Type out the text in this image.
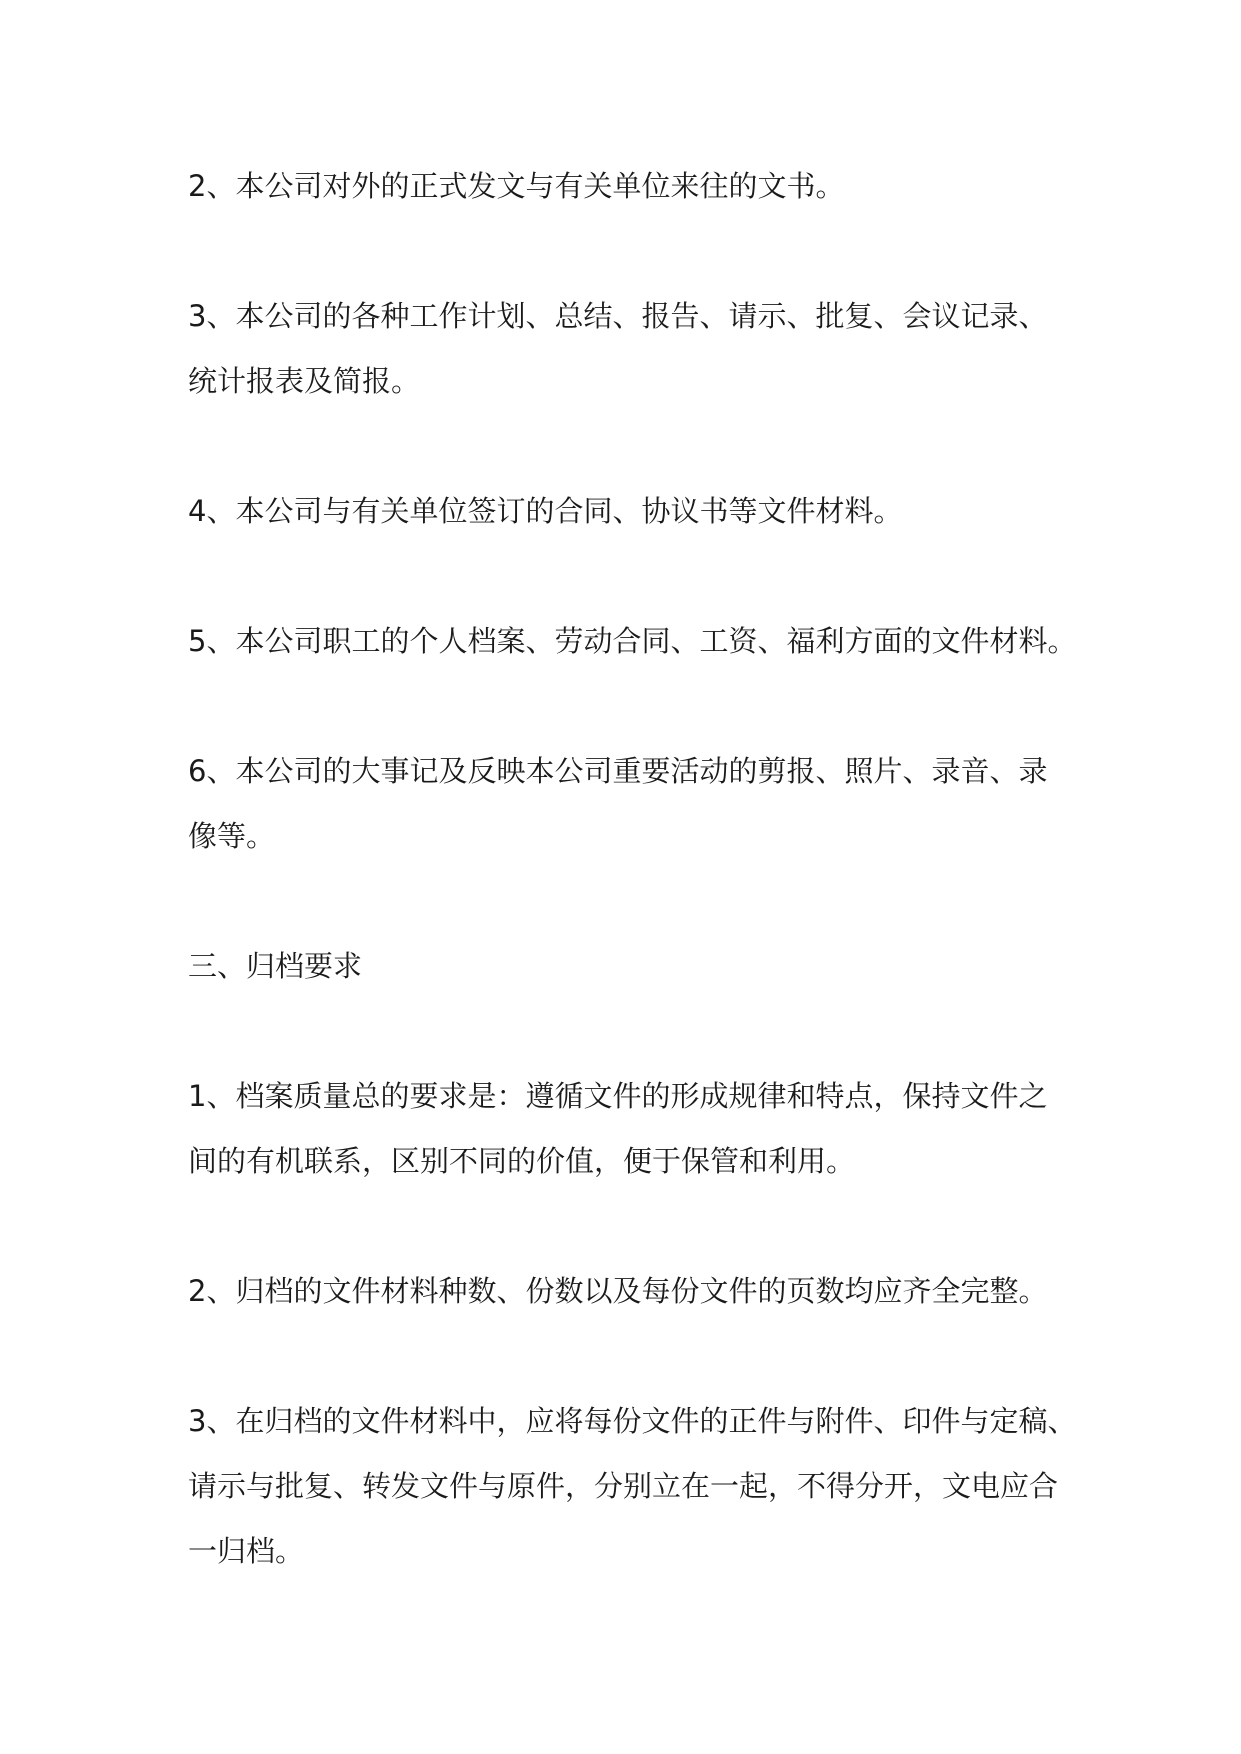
2、本公司对外的正式发文与有关单位来往的文书。
3、本公司的各种工作计划、总结、报告、请示、批复、会议记录、
统计报表及简报。
4、本公司与有关单位签订的合同、协议书等文件材料。
5、本公司职工的个人档案、劳动合同、工资、福利方面的文件材料。
6、本公司的大事记及反映本公司重要活动的剪报、照片、录音、录
像等。
三、归档要求
1、档案质量总的要求是：遵循文件的形成规律和特点，保持文件之
间的有机联系，区别不同的价值，便于保管和利用。
2、归档的文件材料种数、份数以及每份文件的页数均应齐全完整。
3、在归档的文件材料中，应将每份文件的正件与附件、印件与定稿、
请示与批复、转发文件与原件，分别立在一起，不得分开，文电应合
一归档。
